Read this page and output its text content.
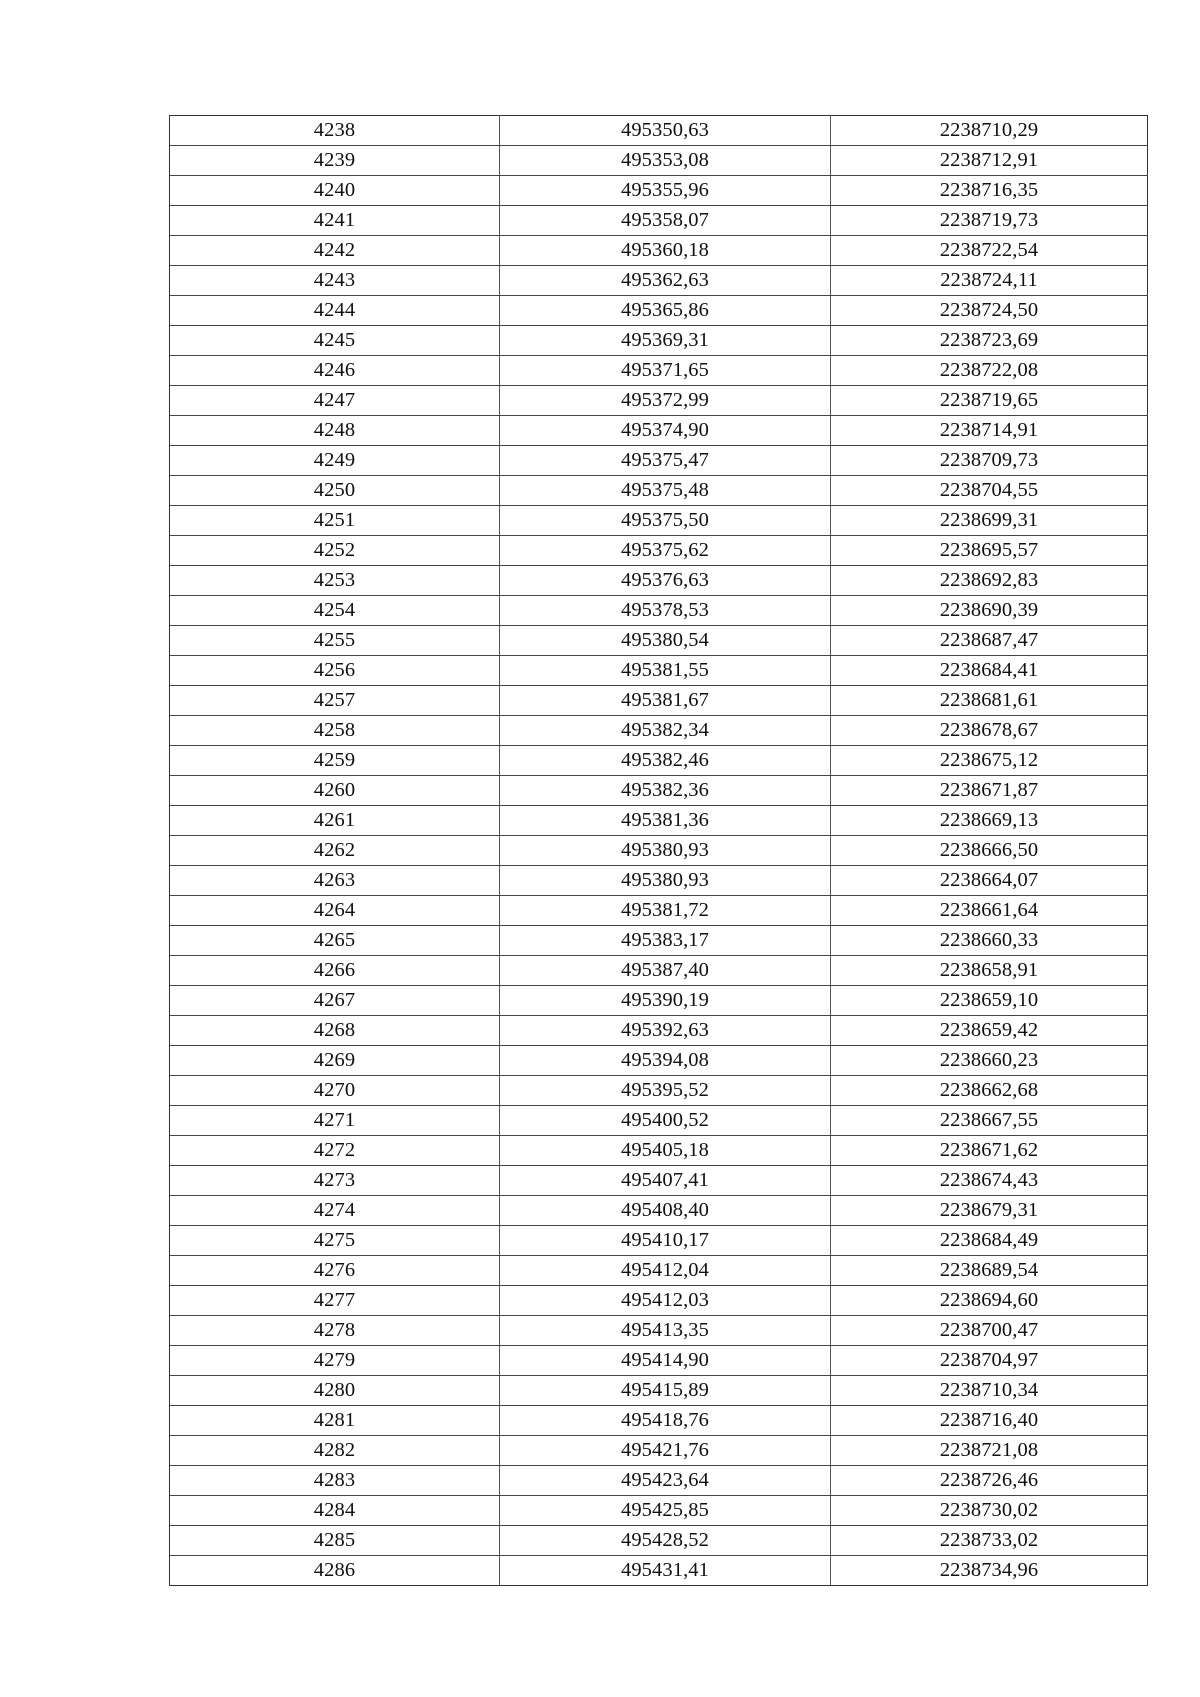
4238	495350,63	2238710,29
4239	495353,08	2238712,91
4240	495355,96	2238716,35
4241	495358,07	2238719,73
4242	495360,18	2238722,54
4243	495362,63	2238724,11
4244	495365,86	2238724,50
4245	495369,31	2238723,69
4246	495371,65	2238722,08
4247	495372,99	2238719,65
4248	495374,90	2238714,91
4249	495375,47	2238709,73
4250	495375,48	2238704,55
4251	495375,50	2238699,31
4252	495375,62	2238695,57
4253	495376,63	2238692,83
4254	495378,53	2238690,39
4255	495380,54	2238687,47
4256	495381,55	2238684,41
4257	495381,67	2238681,61
4258	495382,34	2238678,67
4259	495382,46	2238675,12
4260	495382,36	2238671,87
4261	495381,36	2238669,13
4262	495380,93	2238666,50
4263	495380,93	2238664,07
4264	495381,72	2238661,64
4265	495383,17	2238660,33
4266	495387,40	2238658,91
4267	495390,19	2238659,10
4268	495392,63	2238659,42
4269	495394,08	2238660,23
4270	495395,52	2238662,68
4271	495400,52	2238667,55
4272	495405,18	2238671,62
4273	495407,41	2238674,43
4274	495408,40	2238679,31
4275	495410,17	2238684,49
4276	495412,04	2238689,54
4277	495412,03	2238694,60
4278	495413,35	2238700,47
4279	495414,90	2238704,97
4280	495415,89	2238710,34
4281	495418,76	2238716,40
4282	495421,76	2238721,08
4283	495423,64	2238726,46
4284	495425,85	2238730,02
4285	495428,52	2238733,02
4286	495431,41	2238734,96
